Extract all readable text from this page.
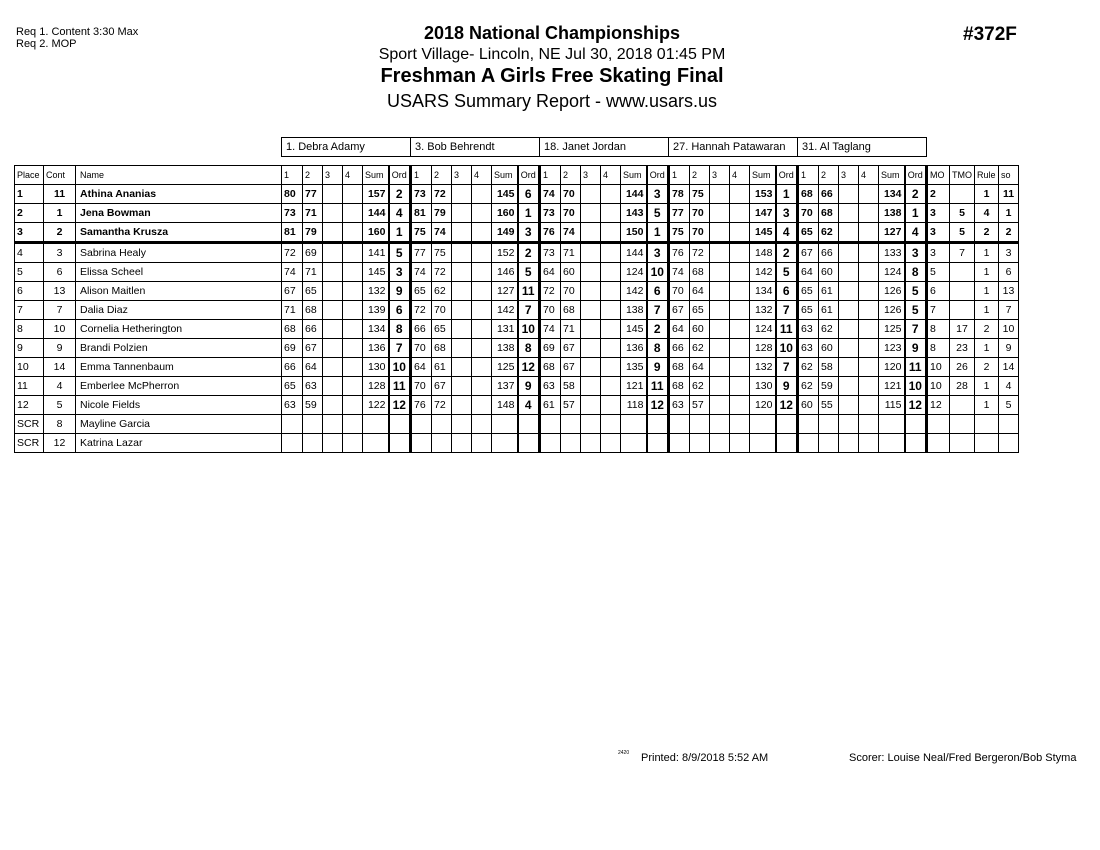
Req 1. Content 3:30 Max
Req 2. MOP
2018 National Championships
Sport Village- Lincoln, NE Jul 30, 2018 01:45 PM
Freshman A Girls Free Skating Final
USARS Summary Report - www.usars.us
#372F
			1. Debra Adamy						3. Bob Behrendt						18. Janet Jordan						27. Hannah Patawaran						31. Al Taglang									

Place	Cont	Name	1	2	3	4	Sum	Ord	1	2	3	4	Sum	Ord	1	2	3	4	Sum	Ord	1	2	3	4	Sum	Ord	1	2	3	4	Sum	Ord	MO	TMO	Rule	so
1	11	Athina Ananias	80	77			157	2	73	72			145	6	74	70			144	3	78	75			153	1	68	66			134	2	2		1	11
2	1	Jena Bowman	73	71			144	4	81	79			160	1	73	70			143	5	77	70			147	3	70	68			138	1	3	5	4	1
3	2	Samantha Krusza	81	79			160	1	75	74			149	3	76	74			150	1	75	70			145	4	65	62			127	4	3	5	2	2
4	3	Sabrina Healy	72	69			141	5	77	75			152	2	73	71			144	3	76	72			148	2	67	66			133	3	3	7	1	3
5	6	Elissa Scheel	74	71			145	3	74	72			146	5	64	60			124	10	74	68			142	5	64	60			124	8	5		1	6
6	13	Alison Maitlen	67	65			132	9	65	62			127	11	72	70			142	6	70	64			134	6	65	61			126	5	6		1	13
7	7	Dalia Diaz	71	68			139	6	72	70			142	7	70	68			138	7	67	65			132	7	65	61			126	5	7		1	7
8	10	Cornelia Hetherington	68	66			134	8	66	65			131	10	74	71			145	2	64	60			124	11	63	62			125	7	8	17	2	10
9	9	Brandi Polzien	69	67			136	7	70	68			138	8	69	67			136	8	66	62			128	10	63	60			123	9	8	23	1	9
10	14	Emma Tannenbaum	66	64			130	10	64	61			125	12	68	67			135	9	68	64			132	7	62	58			120	11	10	26	2	14
11	4	Emberlee McPherron	65	63			128	11	70	67			137	9	63	58			121	11	68	62			130	9	62	59			121	10	10	28	1	4
12	5	Nicole Fields	63	59			122	12	76	72			148	4	61	57			118	12	63	57			120	12	60	55			115	12	12		1	5
SCR	8	Mayline Garcia																																		
SCR	12	Katrina Lazar																																		
2420 Printed: 8/9/2018 5:52 AM	Scorer: Louise Neal/Fred Bergeron/Bob Styma
